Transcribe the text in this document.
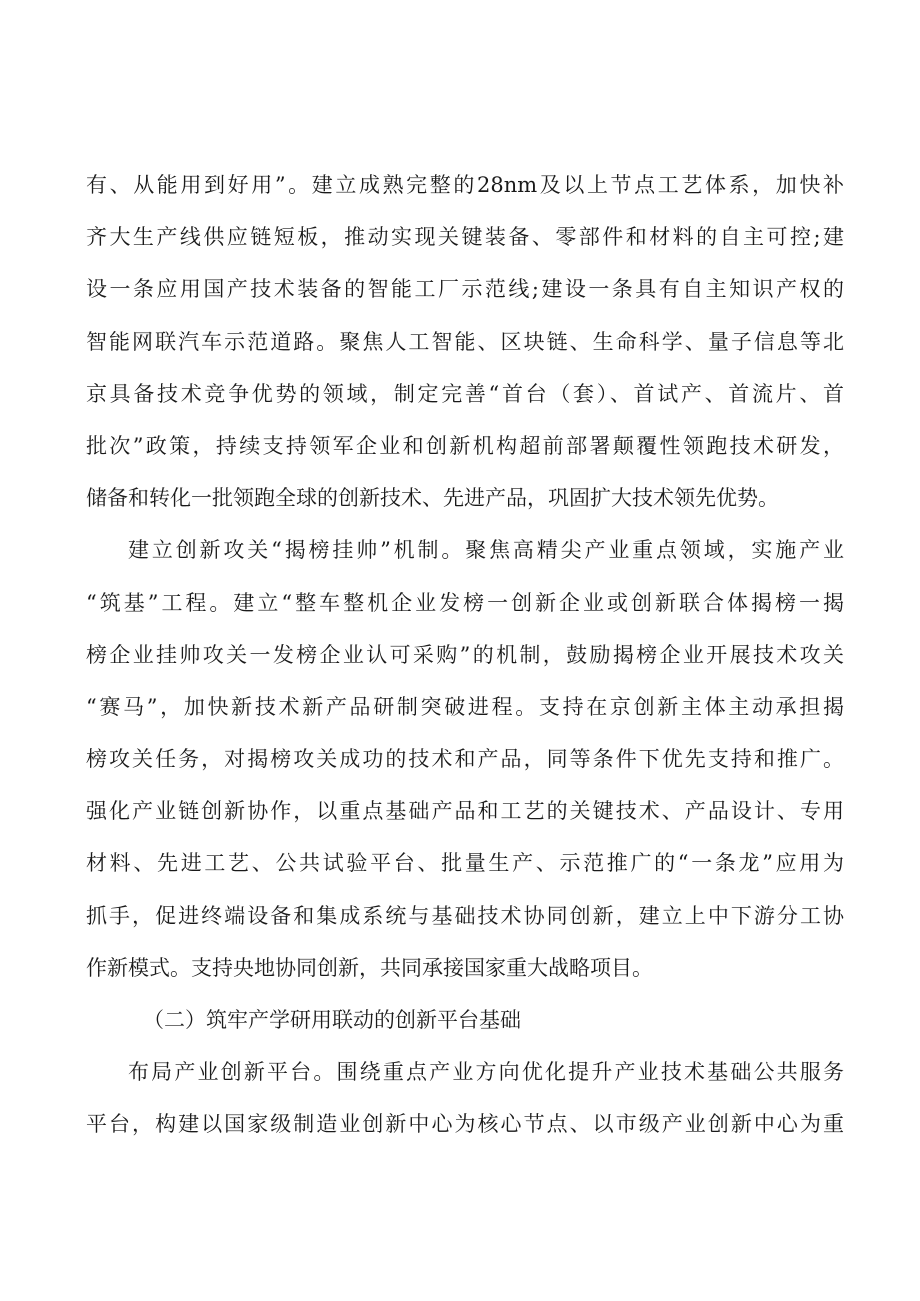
有、从能用到好用”。建立成熟完整的28nm及以上节点工艺体系，加快补
齐大生产线供应链短板，推动实现关键装备、零部件和材料的自主可控;建
设一条应用国产技术装备的智能工厂示范线;建设一条具有自主知识产权的
智能网联汽车示范道路。聚焦人工智能、区块链、生命科学、量子信息等北
京具备技术竞争优势的领域，制定完善“首台（套）、首试产、首流片、首
批次”政策，持续支持领军企业和创新机构超前部署颠覆性领跑技术研发，
储备和转化一批领跑全球的创新技术、先进产品，巩固扩大技术领先优势。
建立创新攻关“揭榜挂帅”机制。聚焦高精尖产业重点领域，实施产业
“筑基”工程。建立“整车整机企业发榜一创新企业或创新联合体揭榜一揭
榜企业挂帅攻关一发榜企业认可采购”的机制，鼓励揭榜企业开展技术攻关
“赛马”，加快新技术新产品研制突破进程。支持在京创新主体主动承担揭
榜攻关任务，对揭榜攻关成功的技术和产品，同等条件下优先支持和推广。
强化产业链创新协作，以重点基础产品和工艺的关键技术、产品设计、专用
材料、先进工艺、公共试验平台、批量生产、示范推广的“一条龙”应用为
抓手，促进终端设备和集成系统与基础技术协同创新，建立上中下游分工协
作新模式。支持央地协同创新，共同承接国家重大战略项目。
（二）筑牢产学研用联动的创新平台基础
布局产业创新平台。围绕重点产业方向优化提升产业技术基础公共服务
平台，构建以国家级制造业创新中心为核心节点、以市级产业创新中心为重
